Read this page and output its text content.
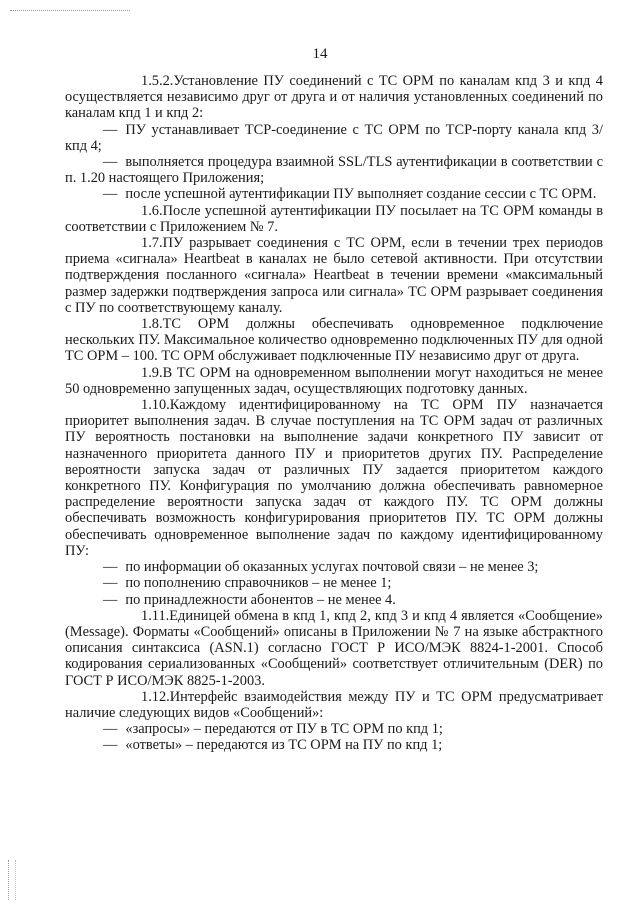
14

1.5.2.Установление ПУ соединений с ТС ОРМ по каналам кпд 3 и кпд 4 осуществляется независимо друг от друга и от наличия установленных соединений по каналам кпд 1 и кпд 2:

— ПУ устанавливает TCP-соединение с ТС ОРМ по TCP-порту канала кпд 3/кпд 4;

— выполняется процедура взаимной SSL/TLS аутентификации в соответствии с п. 1.20 настоящего Приложения;

— после успешной аутентификации ПУ выполняет создание сессии с ТС ОРМ.

1.6.После успешной аутентификации ПУ посылает на ТС ОРМ команды в соответствии с Приложением № 7.

1.7.ПУ разрывает соединения с ТС ОРМ, если в течении трех периодов приема «сигнала» Heartbeat в каналах не было сетевой активности. При отсутствии подтверждения посланного «сигнала» Heartbeat в течении времени «максимальный размер задержки подтверждения запроса или сигнала» ТС ОРМ разрывает соединения с ПУ по соответствующему каналу.

1.8.ТС ОРМ должны обеспечивать одновременное подключение нескольких ПУ. Максимальное количество одновременно подключенных ПУ для одной ТС ОРМ – 100. ТС ОРМ обслуживает подключенные ПУ независимо друг от друга.

1.9.В ТС ОРМ на одновременном выполнении могут находиться не менее 50 одновременно запущенных задач, осуществляющих подготовку данных.

1.10.Каждому идентифицированному на ТС ОРМ ПУ назначается приоритет выполнения задач. В случае поступления на ТС ОРМ задач от различных ПУ вероятность постановки на выполнение задачи конкретного ПУ зависит от назначенного приоритета данного ПУ и приоритетов других ПУ. Распределение вероятности запуска задач от различных ПУ задается приоритетом каждого конкретного ПУ. Конфигурация по умолчанию должна обеспечивать равномерное распределение вероятности запуска задач от каждого ПУ. ТС ОРМ должны обеспечивать возможность конфигурирования приоритетов ПУ. ТС ОРМ должны обеспечивать одновременное выполнение задач по каждому идентифицированному ПУ:

— по информации об оказанных услугах почтовой связи – не менее 3;

— по пополнению справочников – не менее 1;

— по принадлежности абонентов – не менее 4.

1.11.Единицей обмена в кпд 1, кпд 2, кпд 3 и кпд 4 является «Сообщение» (Message). Форматы «Сообщений» описаны в Приложении № 7 на языке абстрактного описания синтаксиса (ASN.1) согласно ГОСТ Р ИСО/МЭК 8824-1-2001. Способ кодирования сериализованных «Сообщений» соответствует отличительным (DER) по ГОСТ Р ИСО/МЭК 8825-1-2003.

1.12.Интерфейс взаимодействия между ПУ и ТС ОРМ предусматривает наличие следующих видов «Сообщений»:

— «запросы» – передаются от ПУ в ТС ОРМ по кпд 1;

— «ответы» – передаются из ТС ОРМ на ПУ по кпд 1;
